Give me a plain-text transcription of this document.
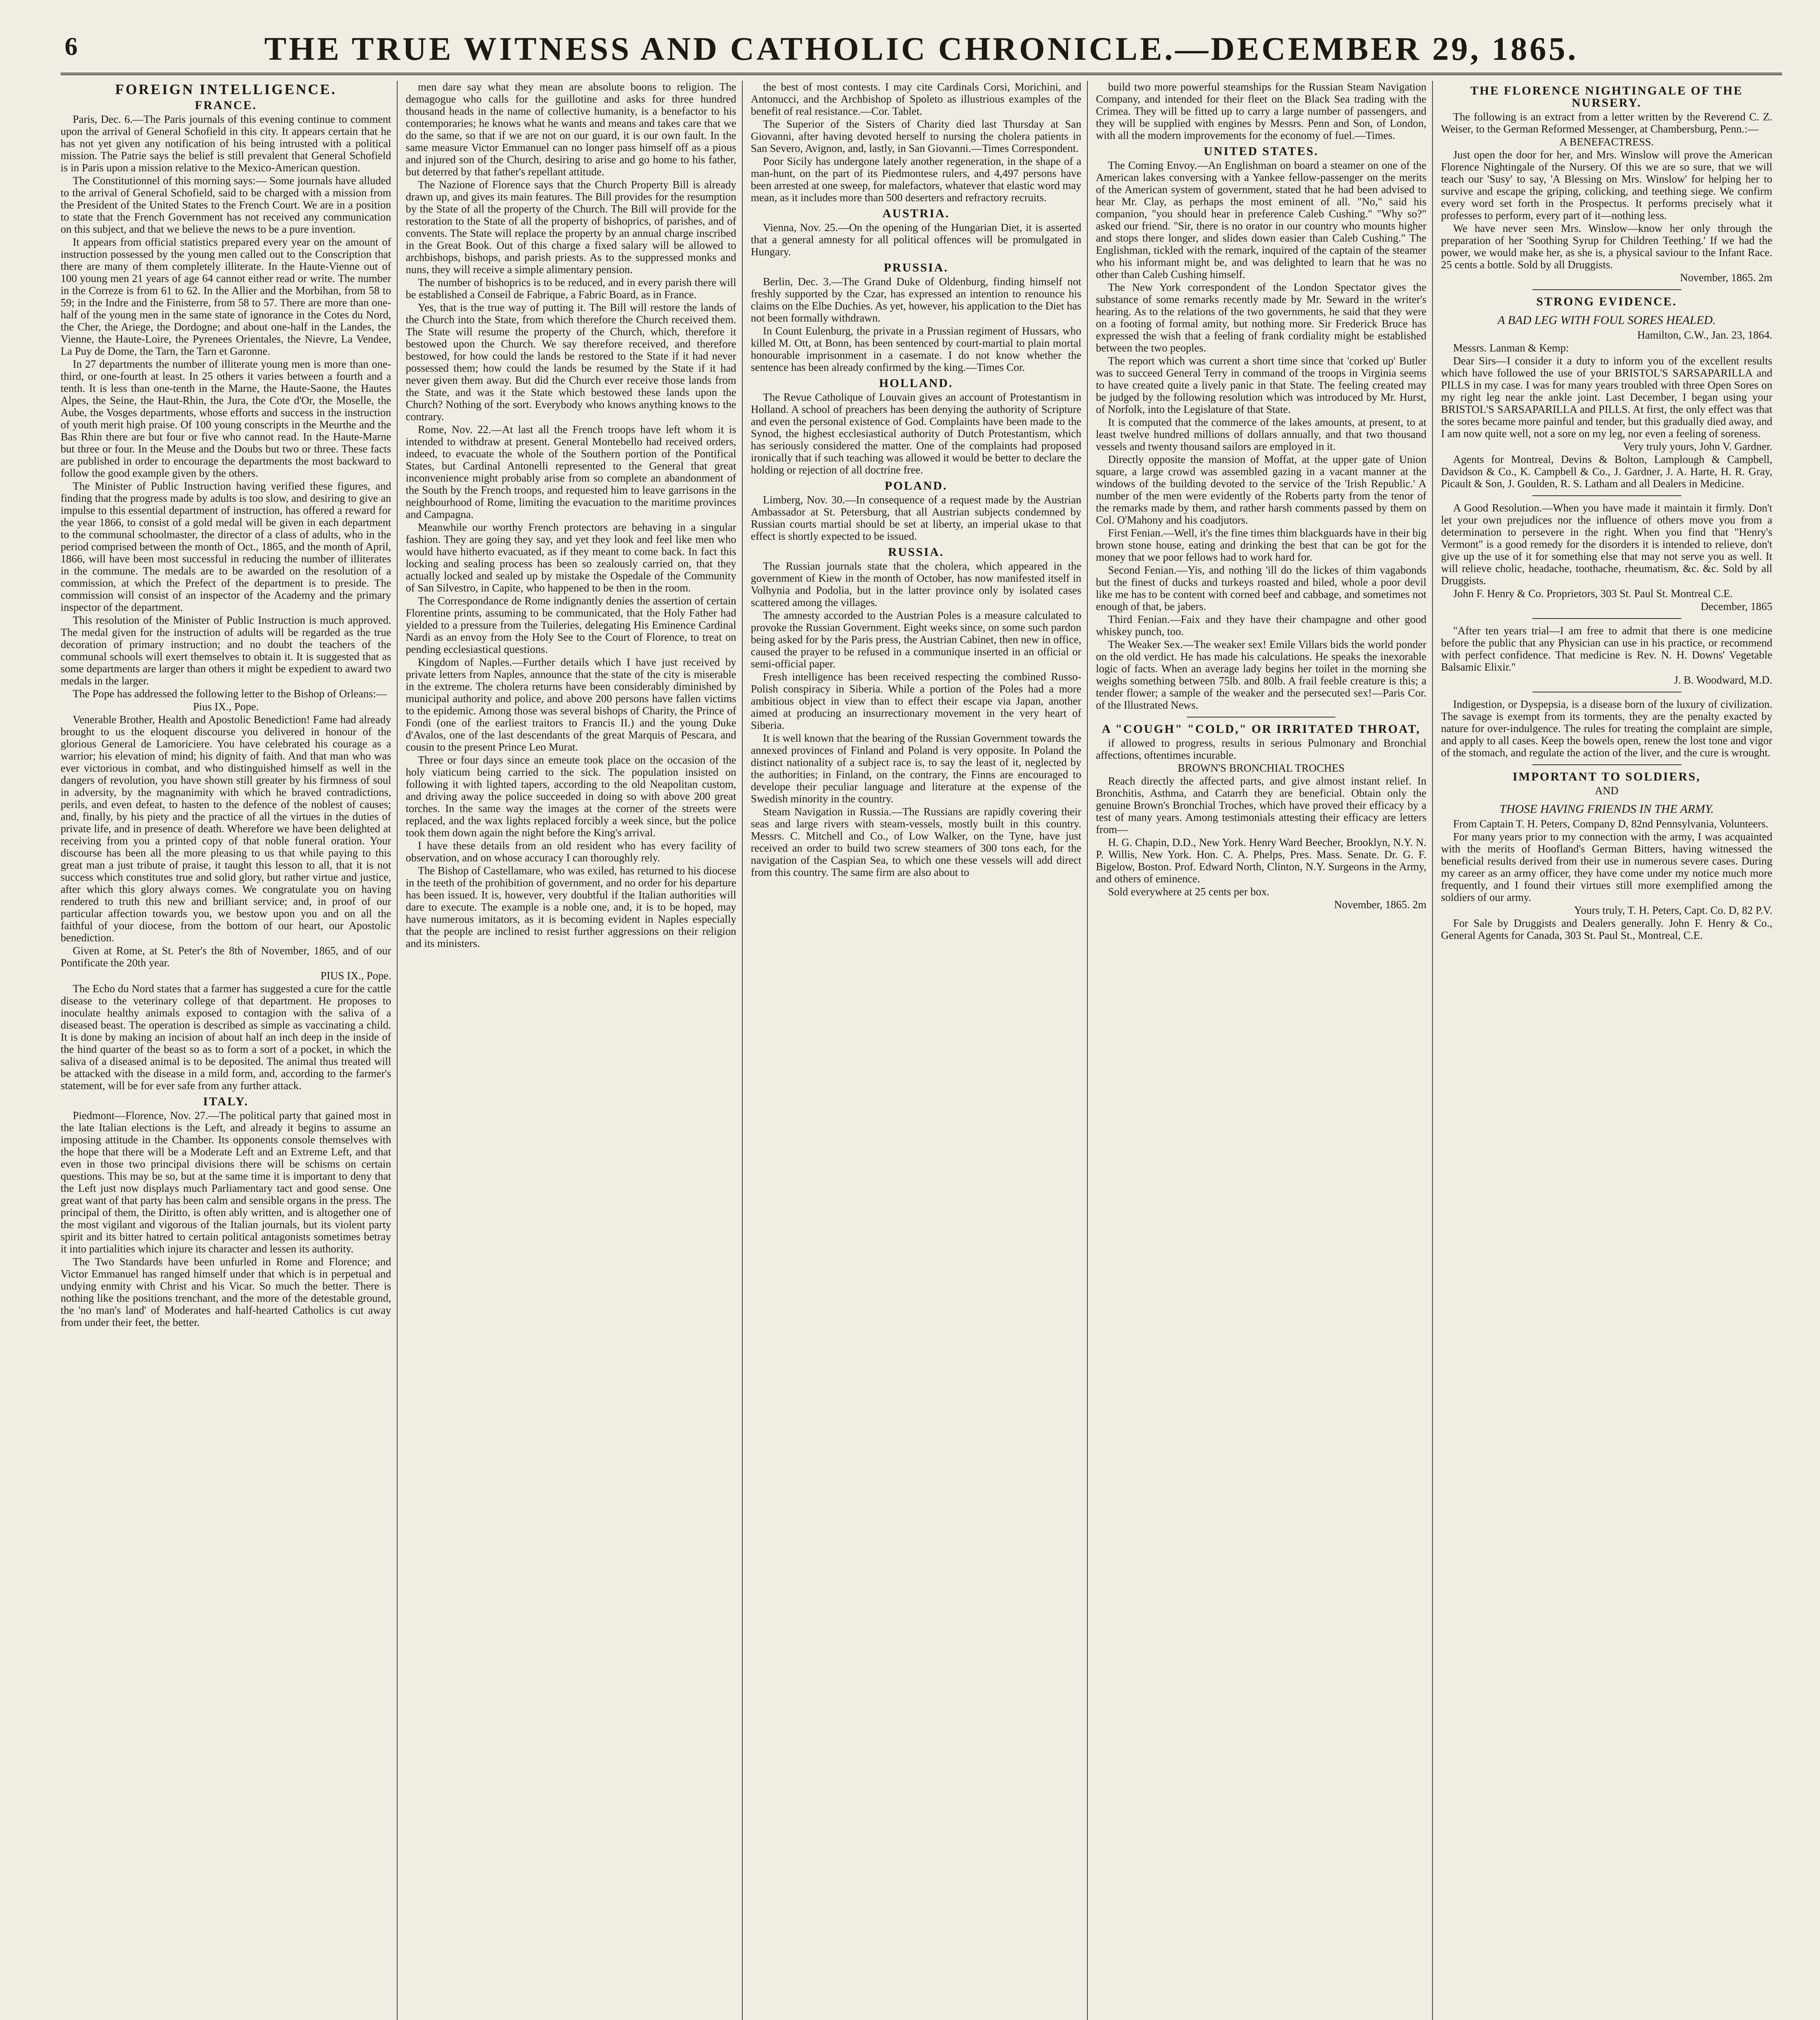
6	THE TRUE WITNESS AND CATHOLIC CHRONICLE.—DECEMBER 29, 1865.
FOREIGN INTELLIGENCE.
FRANCE.

Paris, Dec. 6.—The Paris journals of this evening continue to comment upon the arrival of General Schofield in this city. It appears certain that he has not yet given any notification of his being intrusted with a political mission. The Patrie says the belief is still prevalent that General Schofield is in Paris upon a mission relative to the Mexico-American question.

The Constitutionnel of this morning says:— Some journals have alluded to the arrival of General Schofield, said to be charged with a mission from the President of the United States to the French Court. We are in a position to state that the French Government has not received any communication on this subject, and that we believe the news to be a pure invention.

It appears from official statistics prepared every year on the amount of instruction possessed by the young men called out to the Conscription that there are many of them completely illiterate. In the Haute-Vienne out of 100 young men 21 years of age 64 cannot either read or write. The number in the Correze is from 61 to 62. In the Allier and the Morbihan, from 58 to 59; in the Indre and the Finisterre, from 58 to 57. There are more than one-half of the young men in the same state of ignorance in the Cotes du Nord, the Cher, the Ariege, the Dordogne; and about one-half in the Landes, the Vienne, the Haute-Loire, the Pyrenees Orientales, the Nievre, La Vendee, La Puy de Dome, the Tarn, the Tarn et Garonne.

In 27 departments the number of illiterate young men is more than one-third, or one-fourth at least. In 25 others it varies between a fourth and a tenth. It is less than one-tenth in the Marne, the Haute-Saone, the Hautes Alpes, the Seine, the Haut-Rhin, the Jura, the Cote d'Or, the Moselle, the Aube, the Vosges departments, whose efforts and success in the instruction of youth merit high praise. Of 100 young conscripts in the Meurthe and the Bas Rhin there are but four or five who cannot read. In the Haute-Marne but three or four. In the Meuse and the Doubs but two or three. These facts are published in order to encourage the departments the most backward to follow the good example given by the others.

The Minister of Public Instruction having verified these figures, and finding that the progress made by adults is too slow, and desiring to give an impulse to this essential department of instruction, has offered a reward for the year 1866, to consist of a gold medal will be given in each department to the communal schoolmaster, the director of a class of adults, who in the period comprised between the month of Oct., 1865, and the month of April, 1866, will have been most successful in reducing the number of illiterates in the commune. The medals are to be awarded on the resolution of a commission, at which the Prefect of the department is to preside. The commission will consist of an inspector of the Academy and the primary inspector of the department.

This resolution of the Minister of Public Instruction is much approved. The medal given for the instruction of adults will be regarded as the true decoration of primary instruction; and no doubt the teachers of the communal schools will exert themselves to obtain it. It is suggested that as some departments are larger than others it might be expedient to award two medals in the larger.

The Pope has addressed the following letter to the Bishop of Orleans:—

Pius IX., Pope.

Venerable Brother, Health and Apostolic Benediction! Fame had already brought to us the eloquent discourse you delivered in honour of the glorious General de Lamoriciere. You have celebrated his courage as a warrior; his elevation of mind; his dignity of faith. And that man who was ever victorious in combat, and who distinguished himself as well in the dangers of revolution, you have shown still greater by his firmness of soul in adversity, by the magnanimity with which he braved contradictions, perils, and even defeat, to hasten to the defence of the noblest of causes; and, finally, by his piety and the practice of all the virtues in the duties of private life, and in presence of death. Wherefore we have been delighted at receiving from you a printed copy of that noble funeral oration. Your discourse has been all the more pleasing to us that while paying to this great man a just tribute of praise, it taught this lesson to all, that it is not success which constitutes true and solid glory, but rather virtue and justice, after which this glory always comes. We congratulate you on having rendered to truth this new and brilliant service; and, in proof of our particular affection towards you, we bestow upon you and on all the faithful of your diocese, from the bottom of our heart, our Apostolic benediction.

Given at Rome, at St. Peter's the 8th of November, 1865, and of our Pontificate the 20th year.

PIUS IX., Pope.

The Echo du Nord states that a farmer has suggested a cure for the cattle disease to the veterinary college of that department. He proposes to inoculate healthy animals exposed to contagion with the saliva of a diseased beast. The operation is described as simple as vaccinating a child. It is done by making an incision of about half an inch deep in the inside of the hind quarter of the beast so as to form a sort of a pocket, in which the saliva of a diseased animal is to be deposited. The animal thus treated will be attacked with the disease in a mild form, and, according to the farmer's statement, will be for ever safe from any further attack.

ITALY.

Piedmont—Florence, Nov. 27.—The political party that gained most in the late Italian elections is the Left, and already it begins to assume an imposing attitude in the Chamber. Its opponents console themselves with the hope that there will be a Moderate Left and an Extreme Left, and that even in those two principal divisions there will be schisms on certain questions. This may be so, but at the same time it is important to deny that the Left just now displays much Parliamentary tact and good sense. One great want of that party has been calm and sensible organs in the press. The principal of them, the Diritto, is often ably written, and is altogether one of the most vigilant and vigorous of the Italian journals, but its violent party spirit and its bitter hatred to certain political antagonists sometimes betray it into partialities which injure its character and lessen its authority.

The Two Standards have been unfurled in Rome and Florence; and Victor Emmanuel has ranged himself under that which is in perpetual and undying enmity with Christ and his Vicar. So much the better. There is nothing like the positions trenchant, and the more of the detestable ground, the 'no man's land' of Moderates and half-hearted Catholics is cut away from under their feet, the better.

men dare say what they mean are absolute boons to religion. The demagogue who calls for the guillotine and asks for three hundred thousand heads in the name of collective humanity, is a benefactor to his contemporaries; he knows what he wants and means and takes care that we do the same, so that if we are not on our guard, it is our own fault. In the same measure Victor Emmanuel can no longer pass himself off as a pious and injured son of the Church, desiring to arise and go home to his father, but deterred by that father's repellant attitude.

The Nazione of Florence says that the Church Property Bill is already drawn up, and gives its main features. The Bill provides for the resumption by the State of all the property of the Church. The Bill will provide for the restoration to the State of all the property of bishoprics, of parishes, and of convents. The State will replace the property by an annual charge inscribed in the Great Book. Out of this charge a fixed salary will be allowed to archbishops, bishops, and parish priests. As to the suppressed monks and nuns, they will receive a simple alimentary pension.

The number of bishoprics is to be reduced, and in every parish there will be established a Conseil de Fabrique, a Fabric Board, as in France.

Yes, that is the true way of putting it. The Bill will restore the lands of the Church into the State, from which therefore the Church received them. The State will resume the property of the Church, which, therefore it bestowed upon the Church. We say therefore received, and therefore bestowed, for how could the lands be restored to the State if it had never possessed them; how could the lands be resumed by the State if it had never given them away. But did the Church ever receive those lands from the State, and was it the State which bestowed these lands upon the Church? Nothing of the sort. Everybody who knows anything knows to the contrary.

Rome, Nov. 22.—At last all the French troops have left whom it is intended to withdraw at present. General Montebello had received orders, indeed, to evacuate the whole of the Southern portion of the Pontifical States, but Cardinal Antonelli represented to the General that great inconvenience might probably arise from so complete an abandonment of the South by the French troops, and requested him to leave garrisons in the neighbourhood of Rome, limiting the evacuation to the maritime provinces and Campagna.

Meanwhile our worthy French protectors are behaving in a singular fashion. They are going they say, and yet they look and feel like men who would have hitherto evacuated, as if they meant to come back. In fact this locking and sealing process has been so zealously carried on, that they actually locked and sealed up by mistake the Ospedale of the Community of San Silvestro, in Capite, who happened to be then in the room.

The Correspondance de Rome indignantly denies the assertion of certain Florentine prints, assuming to be communicated, that the Holy Father had yielded to a pressure from the Tuileries, delegating His Eminence Cardinal Nardi as an envoy from the Holy See to the Court of Florence, to treat on pending ecclesiastical questions.

Kingdom of Naples.—Further details which I have just received by private letters from Naples, announce that the state of the city is miserable in the extreme. The cholera returns have been considerably diminished by municipal authority and police, and above 200 persons have fallen victims to the epidemic. Among those was several bishops of Charity, the Prince of Fondi (one of the earliest traitors to Francis II.) and the young Duke d'Avalos, one of the last descendants of the great Marquis of Pescara, and cousin to the present Prince Leo Murat.

Three or four days since an emeute took place on the occasion of the holy viaticum being carried to the sick. The population insisted on following it with lighted tapers, according to the old Neapolitan custom, and driving away the police succeeded in doing so with above 200 great torches. In the same way the images at the corner of the streets were replaced, and the wax lights replaced forcibly a week since, but the police took them down again the night before the King's arrival.

I have these details from an old resident who has every facility of observation, and on whose accuracy I can thoroughly rely.

The Bishop of Castellamare, who was exiled, has returned to his diocese in the teeth of the prohibition of government, and no order for his departure has been issued. It is, however, very doubtful if the Italian authorities will dare to execute. The example is a noble one, and, it is to be hoped, may have numerous imitators, as it is becoming evident in Naples especially that the people are inclined to resist further aggressions on their religion and its ministers.

the best of most contests. I may cite Cardinals Corsi, Morichini, and Antonucci, and the Archbishop of Spoleto as illustrious examples of the benefit of real resistance.—Cor. Tablet.

The Superior of the Sisters of Charity died last Thursday at San Giovanni, after having devoted herself to nursing the cholera patients in San Severo, Avignon, and, lastly, in San Giovanni.—Times Correspondent.

Poor Sicily has undergone lately another regeneration, in the shape of a man-hunt, on the part of its Piedmontese rulers, and 4,497 persons have been arrested at one sweep, for malefactors, whatever that elastic word may mean, as it includes more than 500 deserters and refractory recruits.

AUSTRIA.

Vienna, Nov. 25.—On the opening of the Hungarian Diet, it is asserted that a general amnesty for all political offences will be promulgated in Hungary.

PRUSSIA.

Berlin, Dec. 3.—The Grand Duke of Oldenburg, finding himself not freshly supported by the Czar, has expressed an intention to renounce his claims on the Elbe Duchies. As yet, however, his application to the Diet has not been formally withdrawn.

In Count Eulenburg, the private in a Prussian regiment of Hussars, who killed M. Ott, at Bonn, has been sentenced by court-martial to plain mortal honourable imprisonment in a casemate. I do not know whether the sentence has been already confirmed by the king.—Times Cor.

HOLLAND.

The Revue Catholique of Louvain gives an account of Protestantism in Holland. A school of preachers has been denying the authority of Scripture and even the personal existence of God. Complaints have been made to the Synod, the highest ecclesiastical authority of Dutch Protestantism, which has seriously considered the matter. One of the complaints had proposed ironically that if such teaching was allowed it would be better to declare the holding or rejection of all doctrine free.

POLAND.

Limberg, Nov. 30.—In consequence of a request made by the Austrian Ambassador at St. Petersburg, that all Austrian subjects condemned by Russian courts martial should be set at liberty, an imperial ukase to that effect is shortly expected to be issued.

RUSSIA.

The Russian journals state that the cholera, which appeared in the government of Kiew in the month of October, has now manifested itself in Volhynia and Podolia, but in the latter province only by isolated cases scattered among the villages.

The amnesty accorded to the Austrian Poles is a measure calculated to provoke the Russian Government. Eight weeks since, on some such pardon being asked for by the Paris press, the Austrian Cabinet, then new in office, caused the prayer to be refused in a communique inserted in an official or semi-official paper.

Fresh intelligence has been received respecting the combined Russo-Polish conspiracy in Siberia. While a portion of the Poles had a more ambitious object in view than to effect their escape via Japan, another aimed at producing an insurrectionary movement in the very heart of Siberia.

It is well known that the bearing of the Russian Government towards the annexed provinces of Finland and Poland is very opposite. In Poland the distinct nationality of a subject race is, to say the least of it, neglected by the authorities; in Finland, on the contrary, the Finns are encouraged to develope their peculiar language and literature at the expense of the Swedish minority in the country.

Steam Navigation in Russia.—The Russians are rapidly covering their seas and large rivers with steam-vessels, mostly built in this country. Messrs. C. Mitchell and Co., of Low Walker, on the Tyne, have just received an order to build two screw steamers of 300 tons each, for the navigation of the Caspian Sea, to which one these vessels will add direct from this country. The same firm are also about to

build two more powerful steamships for the Russian Steam Navigation Company, and intended for their fleet on the Black Sea trading with the Crimea. They will be fitted up to carry a large number of passengers, and they will be supplied with engines by Messrs. Penn and Son, of London, with all the modern improvements for the economy of fuel.—Times.

UNITED STATES.

The Coming Envoy.—An Englishman on board a steamer on one of the American lakes conversing with a Yankee fellow-passenger on the merits of the American system of government, stated that he had been advised to hear Mr. Clay, as perhaps the most eminent of all. "No," said his companion, "you should hear in preference Caleb Cushing." "Why so?" asked our friend. "Sir, there is no orator in our country who mounts higher and stops there longer, and slides down easier than Caleb Cushing." The Englishman, tickled with the remark, inquired of the captain of the steamer who his informant might be, and was delighted to learn that he was no other than Caleb Cushing himself.

The New York correspondent of the London Spectator gives the substance of some remarks recently made by Mr. Seward in the writer's hearing. As to the relations of the two governments, he said that they were on a footing of formal amity, but nothing more. Sir Frederick Bruce has expressed the wish that a feeling of frank cordiality might be established between the two peoples.

The report which was current a short time since that 'corked up' Butler was to succeed General Terry in command of the troops in Virginia seems to have created quite a lively panic in that State. The feeling created may be judged by the following resolution which was introduced by Mr. Hurst, of Norfolk, into the Legislature of that State.

It is computed that the commerce of the lakes amounts, at present, to at least twelve hundred millions of dollars annually, and that two thousand vessels and twenty thousand sailors are employed in it.

Directly opposite the mansion of Moffat, at the upper gate of Union square, a large crowd was assembled gazing in a vacant manner at the windows of the building devoted to the service of the 'Irish Republic.' A number of the men were evidently of the Roberts party from the tenor of the remarks made by them, and rather harsh comments passed by them on Col. O'Mahony and his coadjutors.

First Fenian.—Well, it's the fine times thim blackguards have in their big brown stone house, eating and drinking the best that can be got for the money that we poor fellows had to work hard for.

Second Fenian.—Yis, and nothing 'ill do the lickes of thim vagabonds but the finest of ducks and turkeys roasted and biled, whole a poor devil like me has to be content with corned beef and cabbage, and sometimes not enough of that, be jabers.

Third Fenian.—Faix and they have their champagne and other good whiskey punch, too.

The Weaker Sex.—The weaker sex! Emile Villars bids the world ponder on the old verdict. He has made his calculations. He speaks the inexorable logic of facts. When an average lady begins her toilet in the morning she weighs something between 75lb. and 80lb. A frail feeble creature is this; a tender flower; a sample of the weaker and the persecuted sex!—Paris Cor. of the Illustrated News.

A "COUGH" "COLD," OR IRRITATED THROAT,

if allowed to progress, results in serious Pulmonary and Bronchial affections, oftentimes incurable.

BROWN'S BRONCHIAL TROCHES

Reach directly the affected parts, and give almost instant relief. In Bronchitis, Asthma, and Catarrh they are beneficial. Obtain only the genuine Brown's Bronchial Troches, which have proved their efficacy by a test of many years. Among testimonials attesting their efficacy are letters from—

H. G. Chapin, D.D., New York. Henry Ward Beecher, Brooklyn, N.Y. N. P. Willis, New York. Hon. C. A. Phelps, Pres. Mass. Senate. Dr. G. F. Bigelow, Boston. Prof. Edward North, Clinton, N.Y. Surgeons in the Army, and others of eminence.

Sold everywhere at 25 cents per box.

November, 1865. 2m

THE FLORENCE NIGHTINGALE OF THE NURSERY.

The following is an extract from a letter written by the Reverend C. Z. Weiser, to the German Reformed Messenger, at Chambersburg, Penn.:—

A BENEFACTRESS.

Just open the door for her, and Mrs. Winslow will prove the American Florence Nightingale of the Nursery. Of this we are so sure, that we will teach our 'Susy' to say, 'A Blessing on Mrs. Winslow' for helping her to survive and escape the griping, colicking, and teething siege. We confirm every word set forth in the Prospectus. It performs precisely what it professes to perform, every part of it—nothing less.

We have never seen Mrs. Winslow—know her only through the preparation of her 'Soothing Syrup for Children Teething.' If we had the power, we would make her, as she is, a physical saviour to the Infant Race. 25 cents a bottle. Sold by all Druggists.

November, 1865. 2m

STRONG EVIDENCE.
A BAD LEG WITH FOUL SORES HEALED.

Hamilton, C.W., Jan. 23, 1864.

Messrs. Lanman & Kemp:

Dear Sirs—I consider it a duty to inform you of the excellent results which have followed the use of your BRISTOL'S SARSAPARILLA and PILLS in my case. I was for many years troubled with three Open Sores on my right leg near the ankle joint. Last December, I began using your BRISTOL'S SARSAPARILLA and PILLS. At first, the only effect was that the sores became more painful and tender, but this gradually died away, and I am now quite well, not a sore on my leg, nor even a feeling of soreness.

Very truly yours, John V. Gardner.

Agents for Montreal, Devins & Bolton, Lamplough & Campbell, Davidson & Co., K. Campbell & Co., J. Gardner, J. A. Harte, H. R. Gray, Picault & Son, J. Goulden, R. S. Latham and all Dealers in Medicine.

A Good Resolution.—When you have made it maintain it firmly. Don't let your own prejudices nor the influence of others move you from a determination to persevere in the right. When you find that "Henry's Vermont" is a good remedy for the disorders it is intended to relieve, don't give up the use of it for something else that may not serve you as well. It will relieve cholic, headache, toothache, rheumatism, &c. &c. Sold by all Druggists.

John F. Henry & Co. Proprietors, 303 St. Paul St. Montreal C.E.

December, 1865

"After ten years trial—I am free to admit that there is one medicine before the public that any Physician can use in his practice, or recommend with perfect confidence. That medicine is Rev. N. H. Downs' Vegetable Balsamic Elixir."

J. B. Woodward, M.D.

Indigestion, or Dyspepsia, is a disease born of the luxury of civilization. The savage is exempt from its torments, they are the penalty exacted by nature for over-indulgence. The rules for treating the complaint are simple, and apply to all cases. Keep the bowels open, renew the lost tone and vigor of the stomach, and regulate the action of the liver, and the cure is wrought.

IMPORTANT TO SOLDIERS,

AND

THOSE HAVING FRIENDS IN THE ARMY.

From Captain T. H. Peters, Company D, 82nd Pennsylvania, Volunteers.

For many years prior to my connection with the army, I was acquainted with the merits of Hoofland's German Bitters, having witnessed the beneficial results derived from their use in numerous severe cases. During my career as an army officer, they have come under my notice much more frequently, and I found their virtues still more exemplified among the soldiers of our army.

Yours truly, T. H. Peters, Capt. Co. D, 82 P.V.

For Sale by Druggists and Dealers generally. John F. Henry & Co., General Agents for Canada, 303 St. Paul St., Montreal, C.E.
